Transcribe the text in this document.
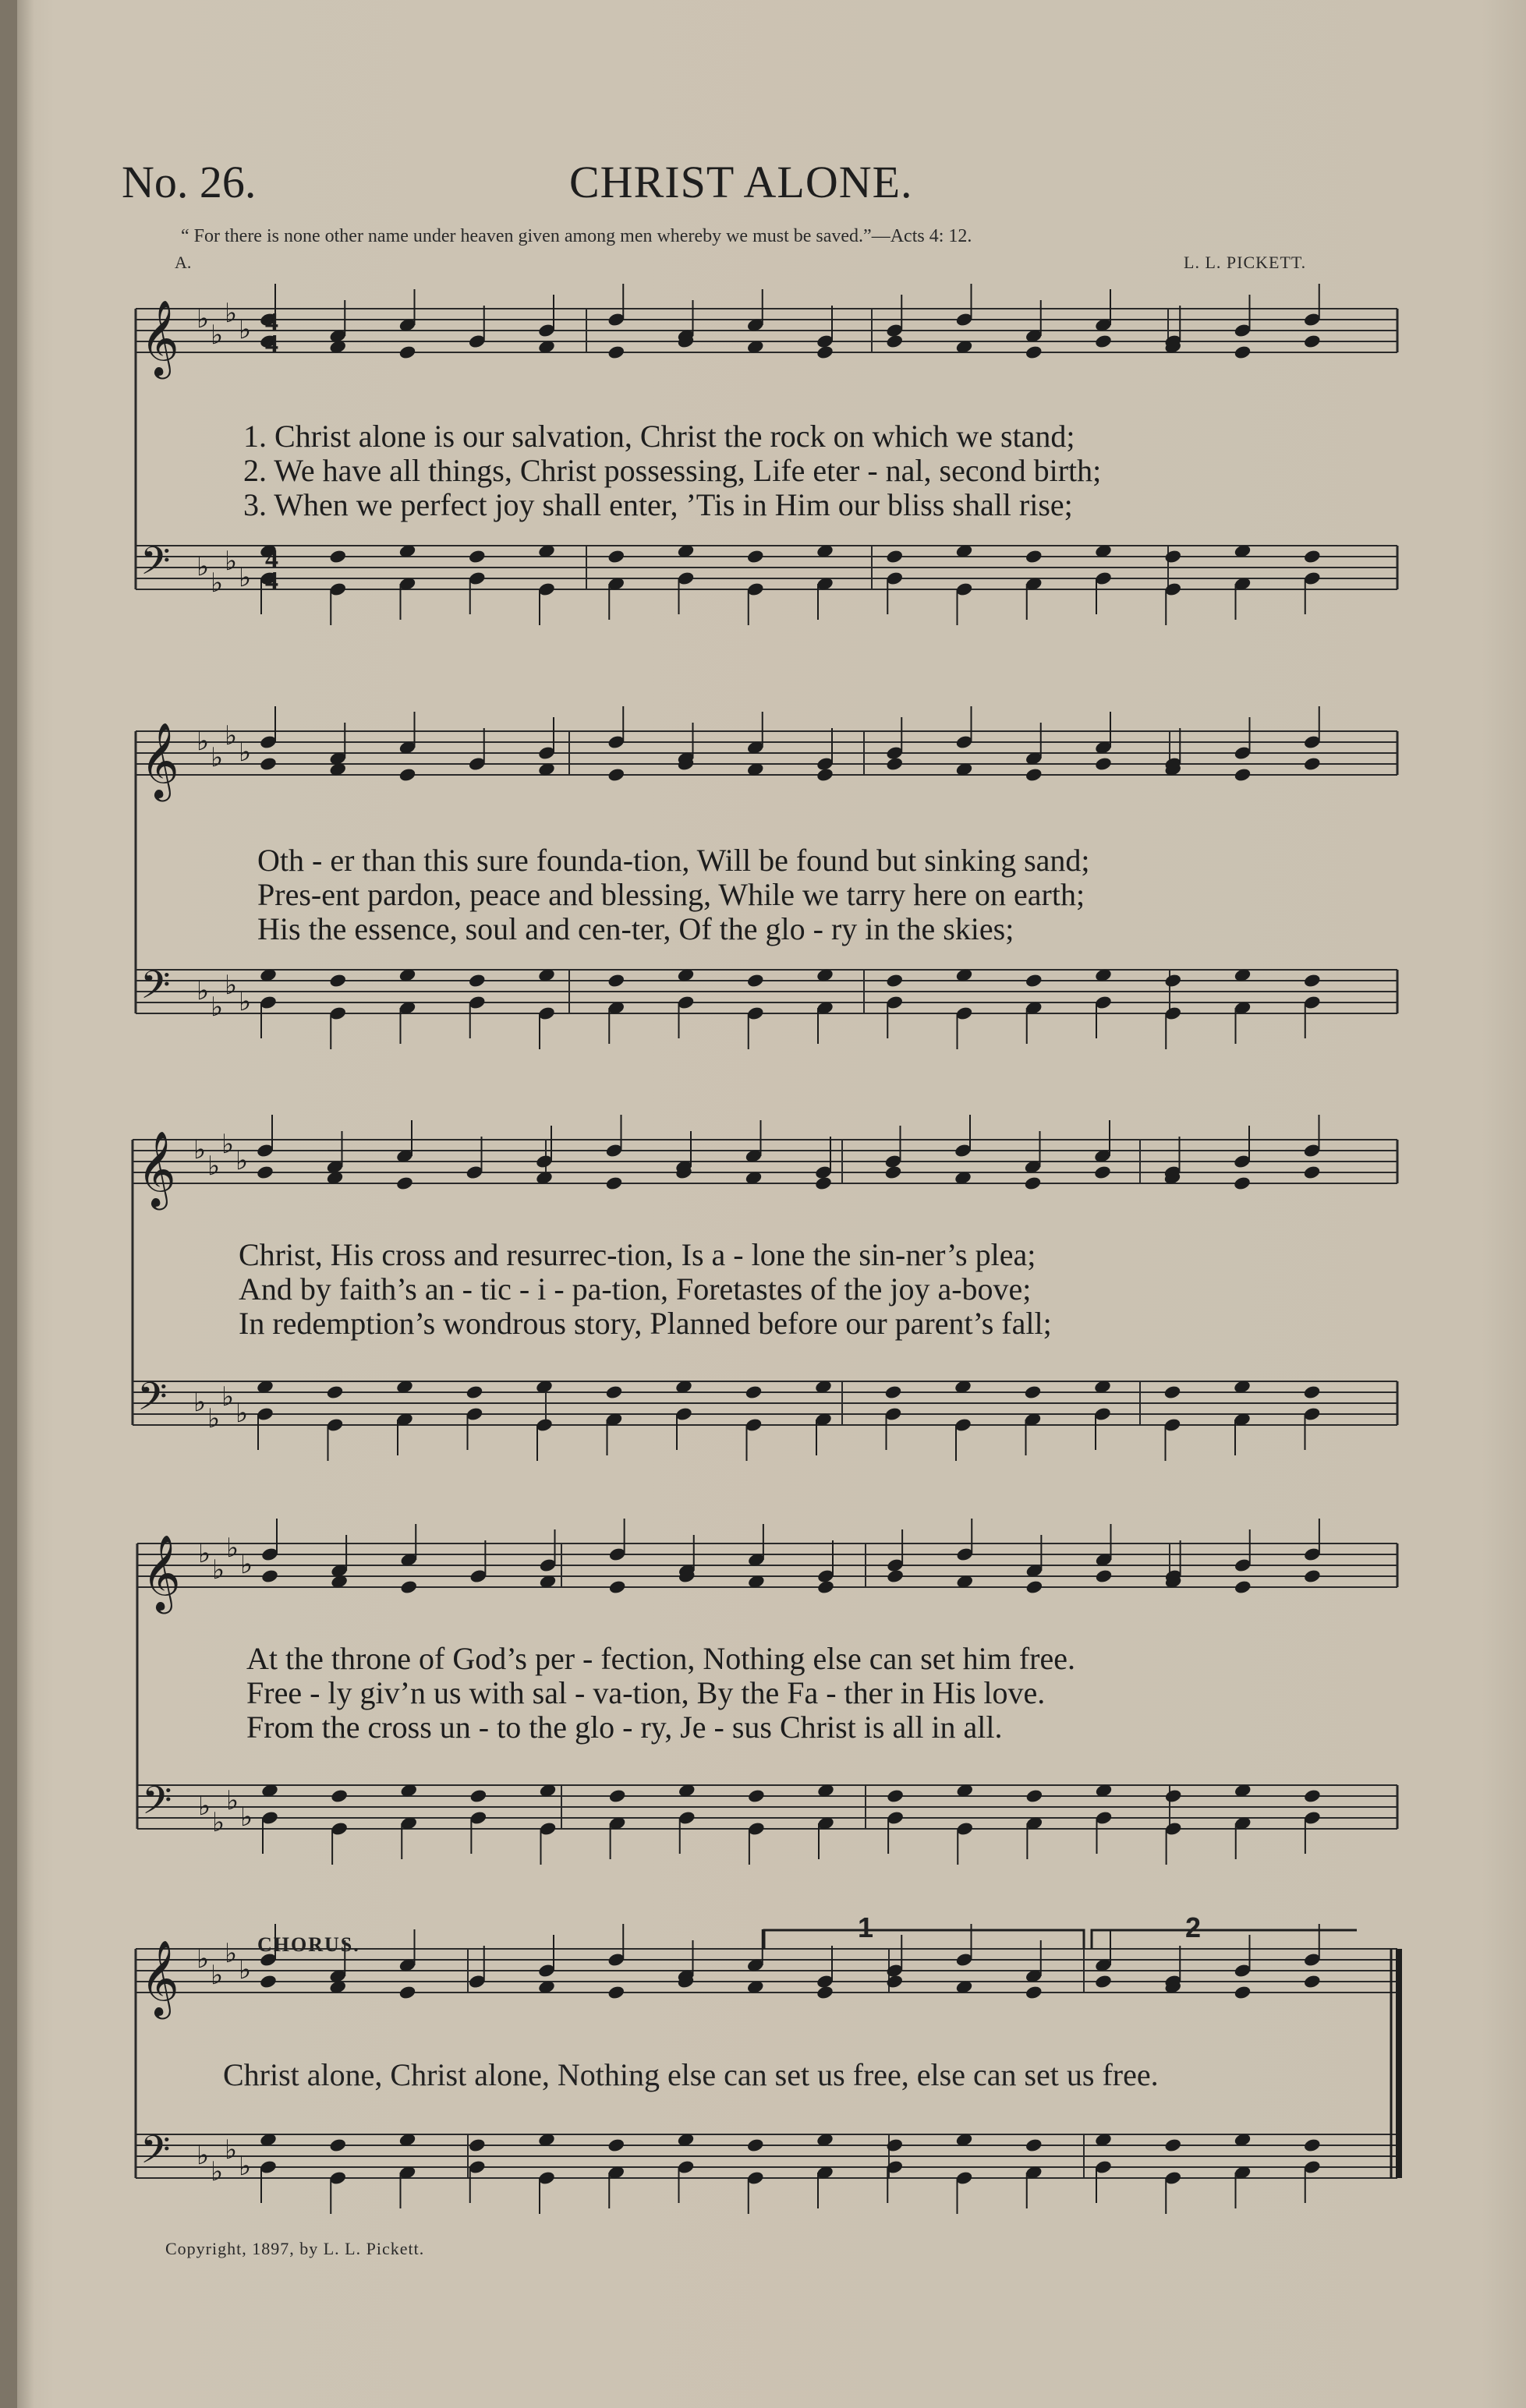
No. 26.	CHRIST ALONE.
“ For there is none other name under heaven given among men whereby we must be saved.”—Acts 4: 12.
A.	L. L. PICKETT.
𝄞 ♭
♭
♭
♭
𝄢 ♭
♭
♭
♭
𝄞 ♭
♭
♭
♭
𝄢 ♭
♭
♭
♭
𝄞 ♭
♭
♭
♭
𝄢 ♭
♭
♭
♭
𝄞 ♭
♭
♭
♭
𝄢 ♭
♭
♭
♭
𝄞 ♭
♭
♭
♭
𝄢 ♭
♭
♭
♭
4
4
4
4
1. Christ alone is our salvation, Christ the rock on which we stand;
2. We have all things, Christ possessing, Life eter - nal, second birth;
3. When we perfect joy shall enter, ’Tis in Him our bliss shall rise;
Oth - er than this sure founda-tion, Will be found but sinking sand;
Pres-ent pardon, peace and blessing, While we tarry here on earth;
His the essence, soul and cen-ter, Of the glo - ry in the skies;
Christ, His cross and resurrec-tion, Is a - lone the sin-ner’s plea;
And by faith’s an - tic - i - pa-tion, Foretastes of the joy a-bove;
In redemption’s wondrous story, Planned before our parent’s fall;
At the throne of God’s per - fection, Nothing else can set him free.
Free - ly giv’n us with sal - va-tion, By the Fa - ther in His love.
From the cross un - to the glo - ry, Je - sus Christ is all in all.
CHORUS.
1	2
Christ alone, Christ alone, Nothing else can set us free, else can set us free.
Copyright, 1897, by L. L. Pickett.
